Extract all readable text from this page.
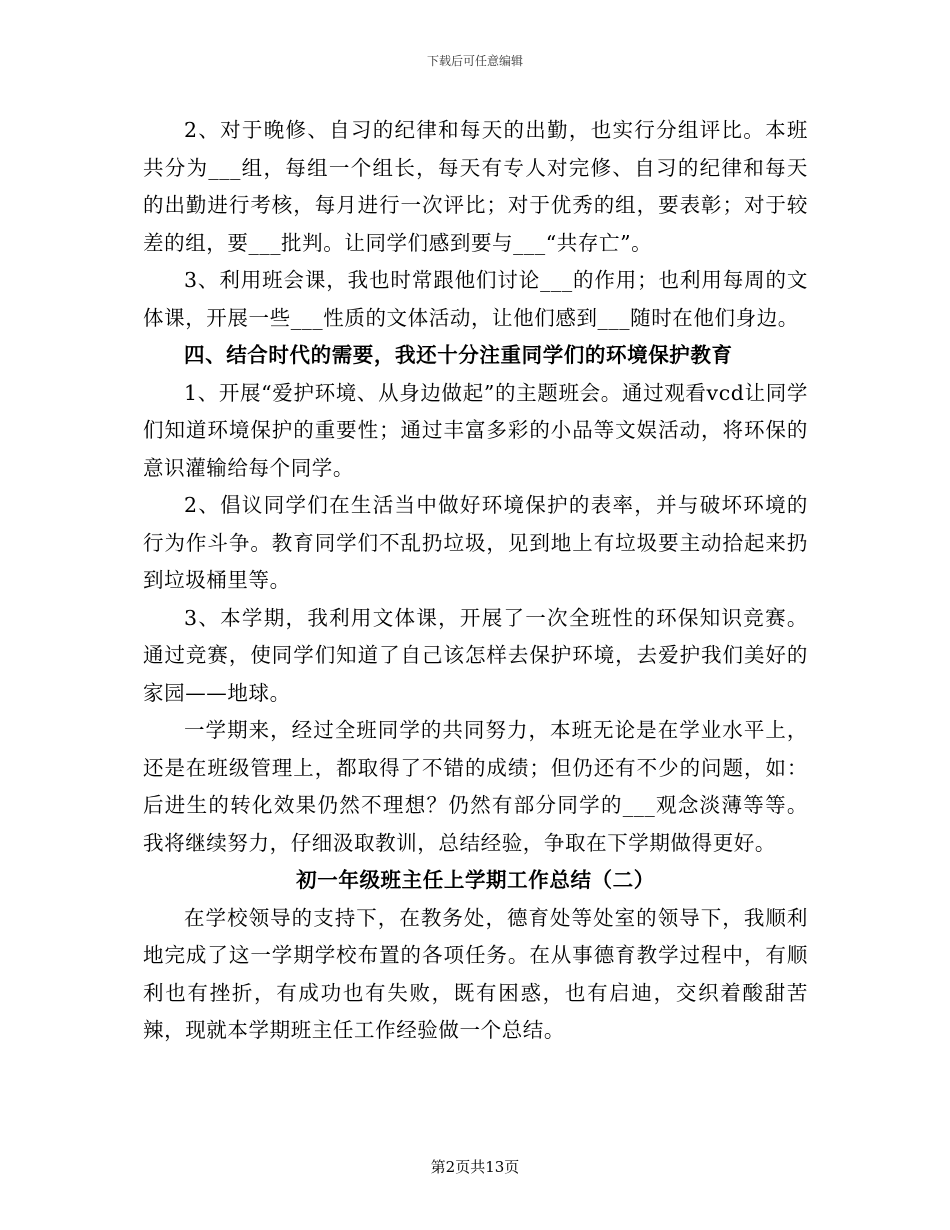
下载后可任意编辑

2、对于晚修、自习的纪律和每天的出勤，也实行分组评比。本班共分为___组，每组一个组长，每天有专人对完修、自习的纪律和每天的出勤进行考核，每月进行一次评比；对于优秀的组，要表彰；对于较差的组，要___批判。让同学们感到要与___“共存亡”。

3、利用班会课，我也时常跟他们讨论___的作用；也利用每周的文体课，开展一些___性质的文体活动，让他们感到___随时在他们身边。

四、结合时代的需要，我还十分注重同学们的环境保护教育

1、开展“爱护环境、从身边做起”的主题班会。通过观看vcd让同学们知道环境保护的重要性；通过丰富多彩的小品等文娱活动，将环保的意识灌输给每个同学。

2、倡议同学们在生活当中做好环境保护的表率，并与破坏环境的行为作斗争。教育同学们不乱扔垃圾，见到地上有垃圾要主动拾起来扔到垃圾桶里等。

3、本学期，我利用文体课，开展了一次全班性的环保知识竞赛。通过竞赛，使同学们知道了自己该怎样去保护环境，去爱护我们美好的家园——地球。

一学期来，经过全班同学的共同努力，本班无论是在学业水平上，还是在班级管理上，都取得了不错的成绩；但仍还有不少的问题，如：后进生的转化效果仍然不理想？仍然有部分同学的___观念淡薄等等。我将继续努力，仔细汲取教训，总结经验，争取在下学期做得更好。

初一年级班主任上学期工作总结（二）

在学校领导的支持下，在教务处，德育处等处室的领导下，我顺利地完成了这一学期学校布置的各项任务。在从事德育教学过程中，有顺利也有挫折，有成功也有失败，既有困惑，也有启迪，交织着酸甜苦辣，现就本学期班主任工作经验做一个总结。

第2页共13页
